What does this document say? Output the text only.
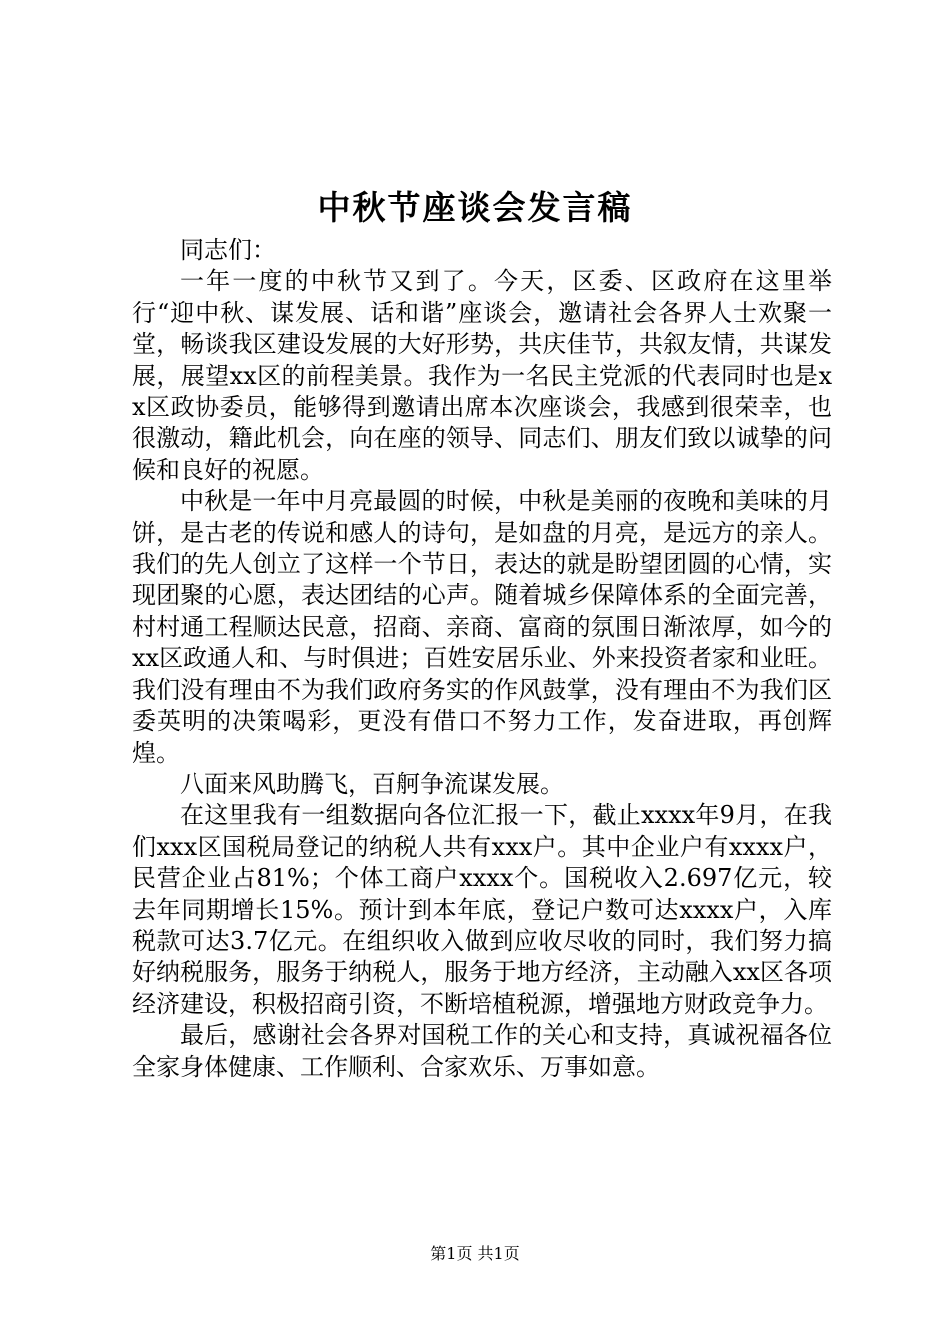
中秋节座谈会发言稿

同志们：

一年一度的中秋节又到了。今天，区委、区政府在这里举行“迎中秋、谋发展、话和谐”座谈会，邀请社会各界人士欢聚一堂，畅谈我区建设发展的大好形势，共庆佳节，共叙友情，共谋发展，展望xx区的前程美景。我作为一名民主党派的代表同时也是xx区政协委员，能够得到邀请出席本次座谈会，我感到很荣幸，也很激动，籍此机会，向在座的领导、同志们、朋友们致以诚挚的问候和良好的祝愿。

中秋是一年中月亮最圆的时候，中秋是美丽的夜晚和美味的月饼，是古老的传说和感人的诗句，是如盘的月亮，是远方的亲人。我们的先人创立了这样一个节日，表达的就是盼望团圆的心情，实现团聚的心愿，表达团结的心声。随着城乡保障体系的全面完善，村村通工程顺达民意，招商、亲商、富商的氛围日渐浓厚，如今的xx区政通人和、与时俱进；百姓安居乐业、外来投资者家和业旺。我们没有理由不为我们政府务实的作风鼓掌，没有理由不为我们区委英明的决策喝彩，更没有借口不努力工作，发奋进取，再创辉煌。

八面来风助腾飞，百舸争流谋发展。

在这里我有一组数据向各位汇报一下，截止xxxx年9月，在我们xxx区国税局登记的纳税人共有xxx户。其中企业户有xxxx户，民营企业占81%；个体工商户xxxx个。国税收入2.697亿元，较去年同期增长15%。预计到本年底，登记户数可达xxxx户，入库税款可达3.7亿元。在组织收入做到应收尽收的同时，我们努力搞好纳税服务，服务于纳税人，服务于地方经济，主动融入xx区各项经济建设，积极招商引资，不断培植税源，增强地方财政竞争力。

最后，感谢社会各界对国税工作的关心和支持，真诚祝福各位全家身体健康、工作顺利、合家欢乐、万事如意。

第1页 共1页
